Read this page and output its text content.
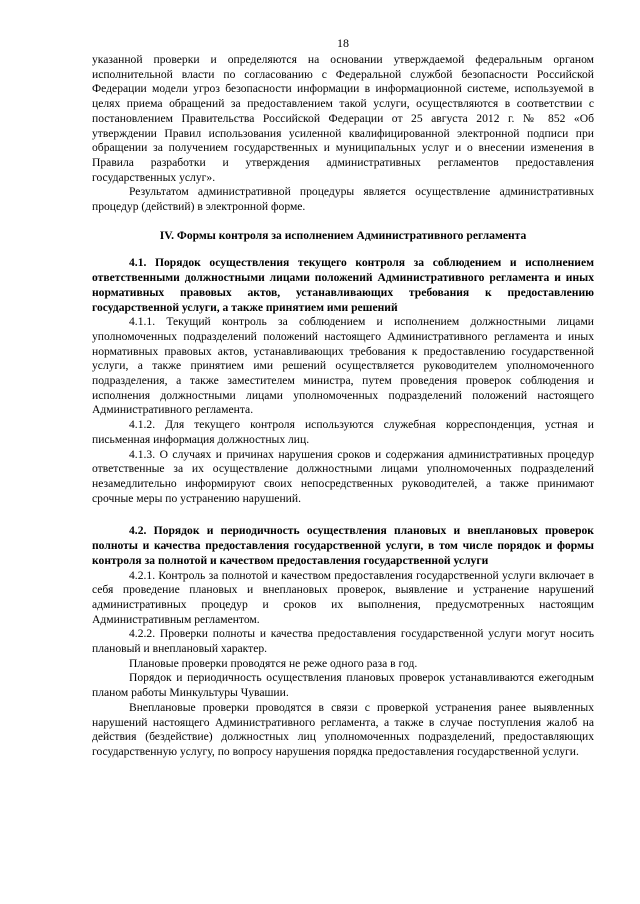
18

указанной проверки и определяются на основании утверждаемой федеральным органом исполнительной власти по согласованию с Федеральной службой безопасности Российской Федерации модели угроз безопасности информации в информационной системе, используемой в целях приема обращений за предоставлением такой услуги, осуществляются в соответствии с постановлением Правительства Российской Федерации от 25 августа 2012 г. № 852 «Об утверждении Правил использования усиленной квалифицированной электронной подписи при обращении за получением государственных и муниципальных услуг и о внесении изменения в Правила разработки и утверждения административных регламентов предоставления государственных услуг».

Результатом административной процедуры является осуществление административных процедур (действий) в электронной форме.

IV. Формы контроля за исполнением Административного регламента

4.1. Порядок осуществления текущего контроля за соблюдением и исполнением ответственными должностными лицами положений Административного регламента и иных нормативных правовых актов, устанавливающих требования к предоставлению государственной услуги, а также принятием ими решений

4.1.1. Текущий контроль за соблюдением и исполнением должностными лицами уполномоченных подразделений положений настоящего Административного регламента и иных нормативных правовых актов, устанавливающих требования к предоставлению государственной услуги, а также принятием ими решений осуществляется руководителем уполномоченного подразделения, а также заместителем министра, путем проведения проверок соблюдения и исполнения должностными лицами уполномоченных подразделений положений настоящего Административного регламента.

4.1.2. Для текущего контроля используются служебная корреспонденция, устная и письменная информация должностных лиц.

4.1.3. О случаях и причинах нарушения сроков и содержания административных процедур ответственные за их осуществление должностными лицами уполномоченных подразделений незамедлительно информируют своих непосредственных руководителей, а также принимают срочные меры по устранению нарушений.

4.2. Порядок и периодичность осуществления плановых и внеплановых проверок полноты и качества предоставления государственной услуги, в том числе порядок и формы контроля за полнотой и качеством предоставления государственной услуги

4.2.1. Контроль за полнотой и качеством предоставления государственной услуги включает в себя проведение плановых и внеплановых проверок, выявление и устранение нарушений административных процедур и сроков их выполнения, предусмотренных настоящим Административным регламентом.

4.2.2. Проверки полноты и качества предоставления государственной услуги могут носить плановый и внеплановый характер.

Плановые проверки проводятся не реже одного раза в год.

Порядок и периодичность осуществления плановых проверок устанавливаются ежегодным планом работы Минкультуры Чувашии.

Внеплановые проверки проводятся в связи с проверкой устранения ранее выявленных нарушений настоящего Административного регламента, а также в случае поступления жалоб на действия (бездействие) должностных лиц уполномоченных подразделений, предоставляющих государственную услугу, по вопросу нарушения порядка предоставления государственной услуги.
